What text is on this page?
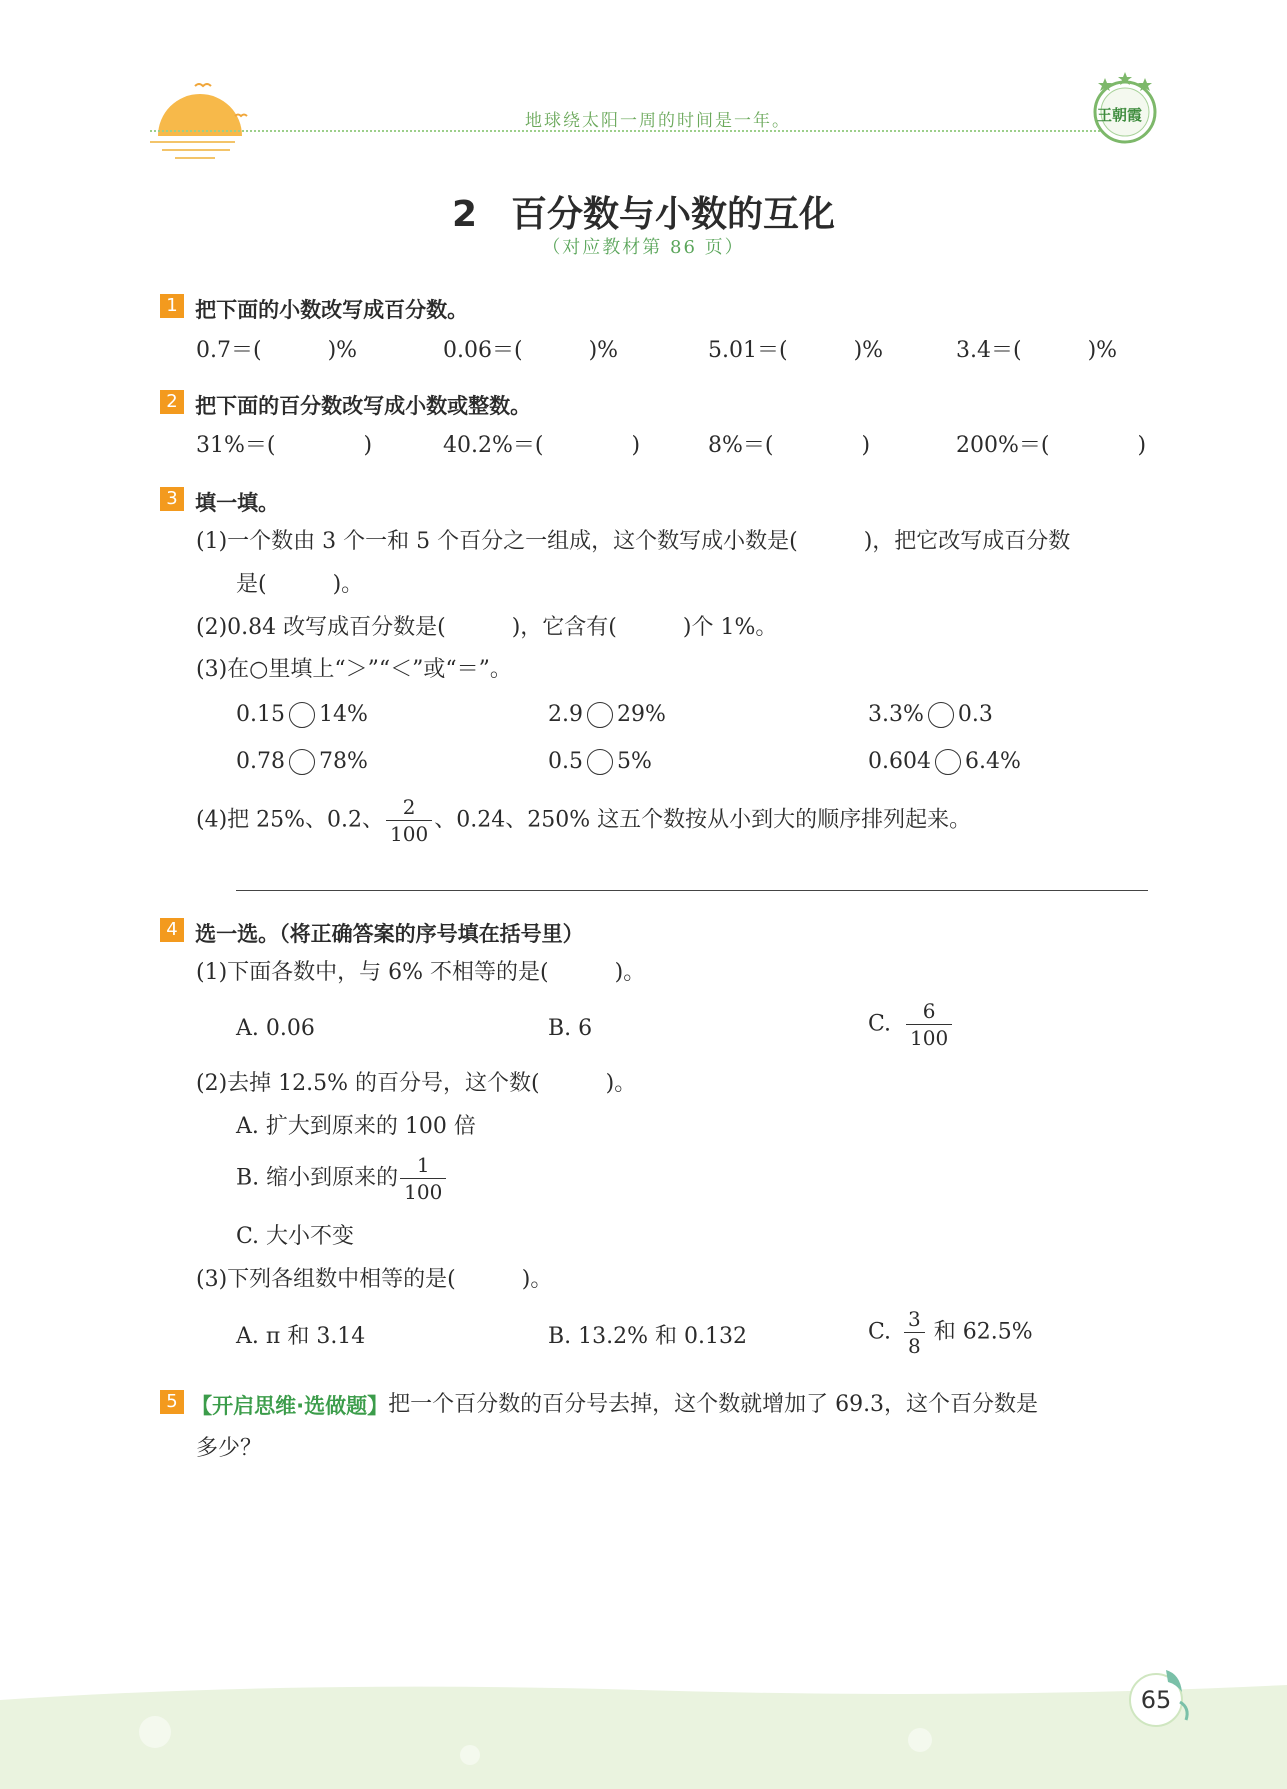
地球绕太阳一周的时间是一年。	王朝霞
2 百分数与小数的互化
（对应教材第 86 页）
1 把下面的小数改写成百分数。
0.7＝(　　　)%	0.06＝(　　　)%	5.01＝(　　　)%	3.4＝(　　　)%
2 把下面的百分数改写成小数或整数。
31%＝(　　　　)	40.2%＝(　　　　)	8%＝(　　　　)	200%＝(　　　　)
3 填一填。
(1)一个数由 3 个一和 5 个百分之一组成，这个数写成小数是(　　　)，把它改写成百分数
是(　　　)。
(2)0.84 改写成百分数是(　　　)，它含有(　　　)个 1%。
(3)在○里填上“＞”“＜”或“＝”。
0.15 14%	2.9 29%	3.3% 0.3
0.78 78%	0.5 5%	0.604 6.4%
(4)把 25%、0.2、 $\frac{2}{100}$ 、0.24、250% 这五个数按从小到大的顺序排列起来。
4 选一选。（将正确答案的序号填在括号里）
(1)下面各数中，与 6% 不相等的是(　　　)。
A. 0.06	B. 6	C. $\frac{6}{100}$
(2)去掉 12.5% 的百分号，这个数(　　　)。
A. 扩大到原来的 100 倍
B. 缩小到原来的 $\frac{1}{100}$
C. 大小不变
(3)下列各组数中相等的是(　　　)。
A. π 和 3.14	B. 13.2% 和 0.132	C. $\frac{3}{8}$ 和 62.5%
5 【开启思维·选做题】把一个百分数的百分号去掉，这个数就增加了 69.3，这个百分数是
多少？
65
